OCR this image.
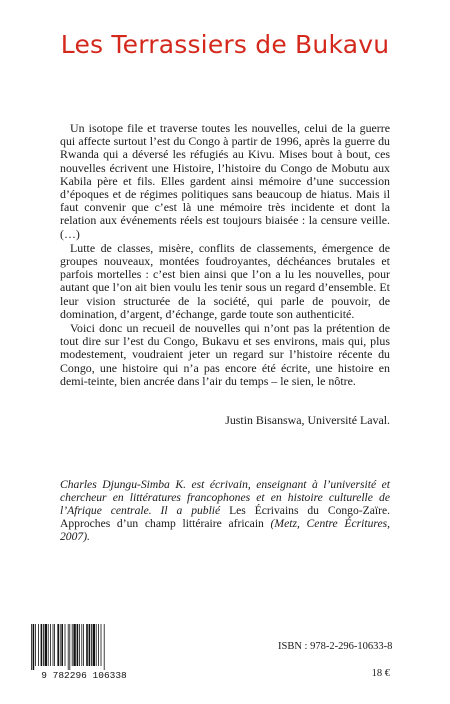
Les Terrassiers de Bukavu

Un isotope file et traverse toutes les nouvelles, celui de la guerre qui affecte surtout l’est du Congo à partir de 1996, après la guerre du Rwanda qui a déversé les réfugiés au Kivu. Mises bout à bout, ces nouvelles écrivent une Histoire, l’histoire du Congo de Mobutu aux Kabila père et fils. Elles gardent ainsi mémoire d’une succession d’époques et de régimes politiques sans beaucoup de hiatus. Mais il faut convenir que c’est là une mémoire très incidente et dont la relation aux événements réels est toujours biaisée : la censure veille. (…)

Lutte de classes, misère, conflits de classements, émergence de groupes nouveaux, montées foudroyantes, déchéances brutales et parfois mortelles : c’est bien ainsi que l’on a lu les nouvelles, pour autant que l’on ait bien voulu les tenir sous un regard d’ensemble. Et leur vision structurée de la société, qui parle de pouvoir, de domination, d’argent, d’échange, garde toute son authenticité.

Voici donc un recueil de nouvelles qui n’ont pas la prétention de tout dire sur l’est du Congo, Bukavu et ses environs, mais qui, plus modestement, voudraient jeter un regard sur l’histoire récente du Congo, une histoire qui n’a pas encore été écrite, une histoire en demi-teinte, bien ancrée dans l’air du temps – le sien, le nôtre.

Justin Bisanswa, Université Laval.
Charles Djungu-Simba K. est écrivain, enseignant à l’université et chercheur en littératures francophones et en histoire culturelle de l’Afrique centrale. Il a publié Les Écrivains du Congo-Zaïre. Approches d’un champ littéraire africain (Metz, Centre Écritures, 2007).
9 782296 106338
ISBN : 978-2-296-10633-8
18 €
